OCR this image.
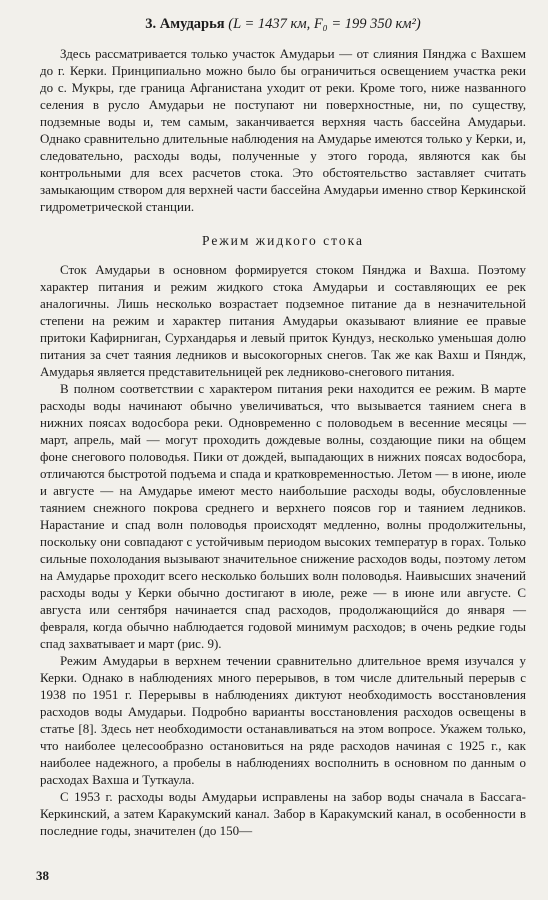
3. Амударья (L = 1437 км, F₀ = 199 350 км²)

Здесь рассматривается только участок Амударьи — от слияния Пянджа с Вахшем до г. Керки. Принципиально можно было бы ограничиться освещением участка реки до с. Мукры, где граница Афганистана уходит от реки. Кроме того, ниже названного селения в русло Амударьи не поступают ни поверхностные, ни, по существу, подземные воды и, тем самым, заканчивается верхняя часть бассейна Амударьи. Однако сравнительно длительные наблюдения на Амударье имеются только у Керки, и, следовательно, расходы воды, полученные у этого города, являются как бы контрольными для всех расчетов стока. Это обстоятельство заставляет считать замыкающим створом для верхней части бассейна Амударьи именно створ Керкинской гидрометрической станции.

Режим жидкого стока

Сток Амударьи в основном формируется стоком Пянджа и Вахша. Поэтому характер питания и режим жидкого стока Амударьи и составляющих ее рек аналогичны. Лишь несколько возрастает подземное питание да в незначительной степени на режим и характер питания Амударьи оказывают влияние ее правые притоки Кафирниган, Сурхандарья и левый приток Кундуз, несколько уменьшая долю питания за счет таяния ледников и высокогорных снегов. Так же как Вахш и Пяндж, Амударья является представительницей рек ледниково-снегового питания.

В полном соответствии с характером питания реки находится ее режим. В марте расходы воды начинают обычно увеличиваться, что вызывается таянием снега в нижних поясах водосбора реки. Одновременно с половодьем в весенние месяцы — март, апрель, май — могут проходить дождевые волны, создающие пики на общем фоне снегового половодья. Пики от дождей, выпадающих в нижних поясах водосбора, отличаются быстротой подъема и спада и кратковременностью. Летом — в июне, июле и августе — на Амударье имеют место наибольшие расходы воды, обусловленные таянием снежного покрова среднего и верхнего поясов гор и таянием ледников. Нарастание и спад волн половодья происходят медленно, волны продолжительны, поскольку они совпадают с устойчивым периодом высоких температур в горах. Только сильные похолодания вызывают значительное снижение расходов воды, поэтому летом на Амударье проходит всего несколько больших волн половодья. Наивысших значений расходы воды у Керки обычно достигают в июле, реже — в июне или августе. С августа или сентября начинается спад расходов, продолжающийся до января — февраля, когда обычно наблюдается годовой минимум расходов; в очень редкие годы спад захватывает и март (рис. 9).

Режим Амударьи в верхнем течении сравнительно длительное время изучался у Керки. Однако в наблюдениях много перерывов, в том числе длительный перерыв с 1938 по 1951 г. Перерывы в наблюдениях диктуют необходимость восстановления расходов воды Амударьи. Подробно варианты восстановления расходов освещены в статье [8]. Здесь нет необходимости останавливаться на этом вопросе. Укажем только, что наиболее целесообразно остановиться на ряде расходов начиная с 1925 г., как наиболее надежного, а пробелы в наблюдениях восполнить в основном по данным о расходах Вахша и Туткаула.

С 1953 г. расходы воды Амударьи исправлены на забор воды сначала в Бассага-Керкинский, а затем Каракумский канал. Забор в Каракумский канал, в особенности в последние годы, значителен (до 150—

38
